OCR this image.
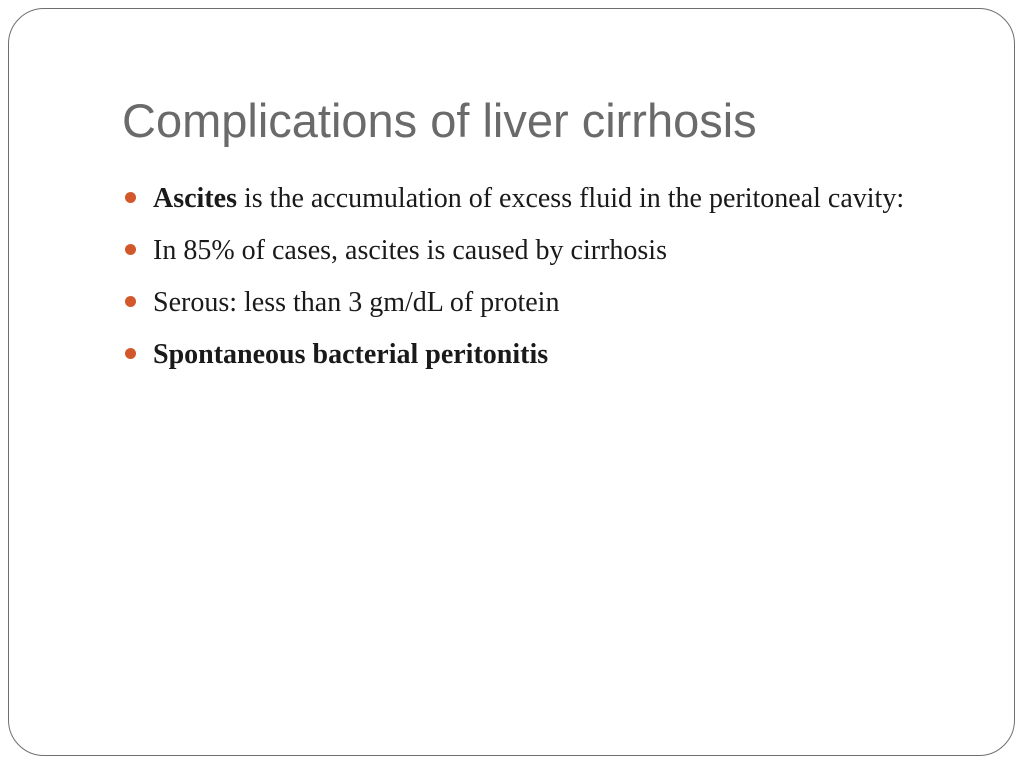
Complications of liver cirrhosis
Ascites is the accumulation of excess fluid in the peritoneal cavity:
In 85% of cases, ascites is caused by cirrhosis
Serous: less than 3 gm/dL of protein
Spontaneous bacterial peritonitis
